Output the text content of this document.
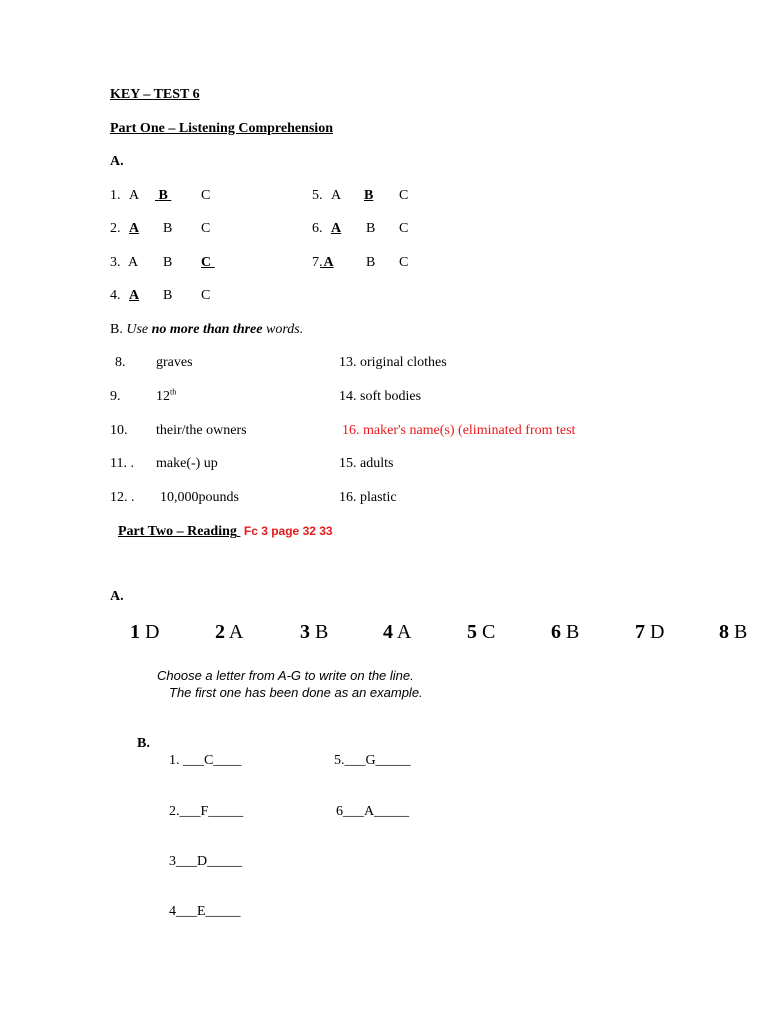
KEY – TEST 6
Part One – Listening Comprehension
A.
1. A B C
2. A B C
3. A B C
4. A B C
5. A B C
6. A B C
7. A B C
B. Use no more than three words.
8. graves
9.	12th
10. their/the owners
11. . make(-) up
12. . 10,000pounds
13. original clothes
14. soft bodies
16. maker's name(s) (eliminated from test
15. adults
16. plastic
Part Two – Reading Fc 3 page 32 33
A.
1 D	2 A	3 B	4 A	5 C	6 B	7 D	8 B
Choose a letter from A-G to write on the line.
The first one has been done as an example.
B.
1. ___C____
2.___F_____
3___D_____
4___E_____
5.___G_____
6___A_____
